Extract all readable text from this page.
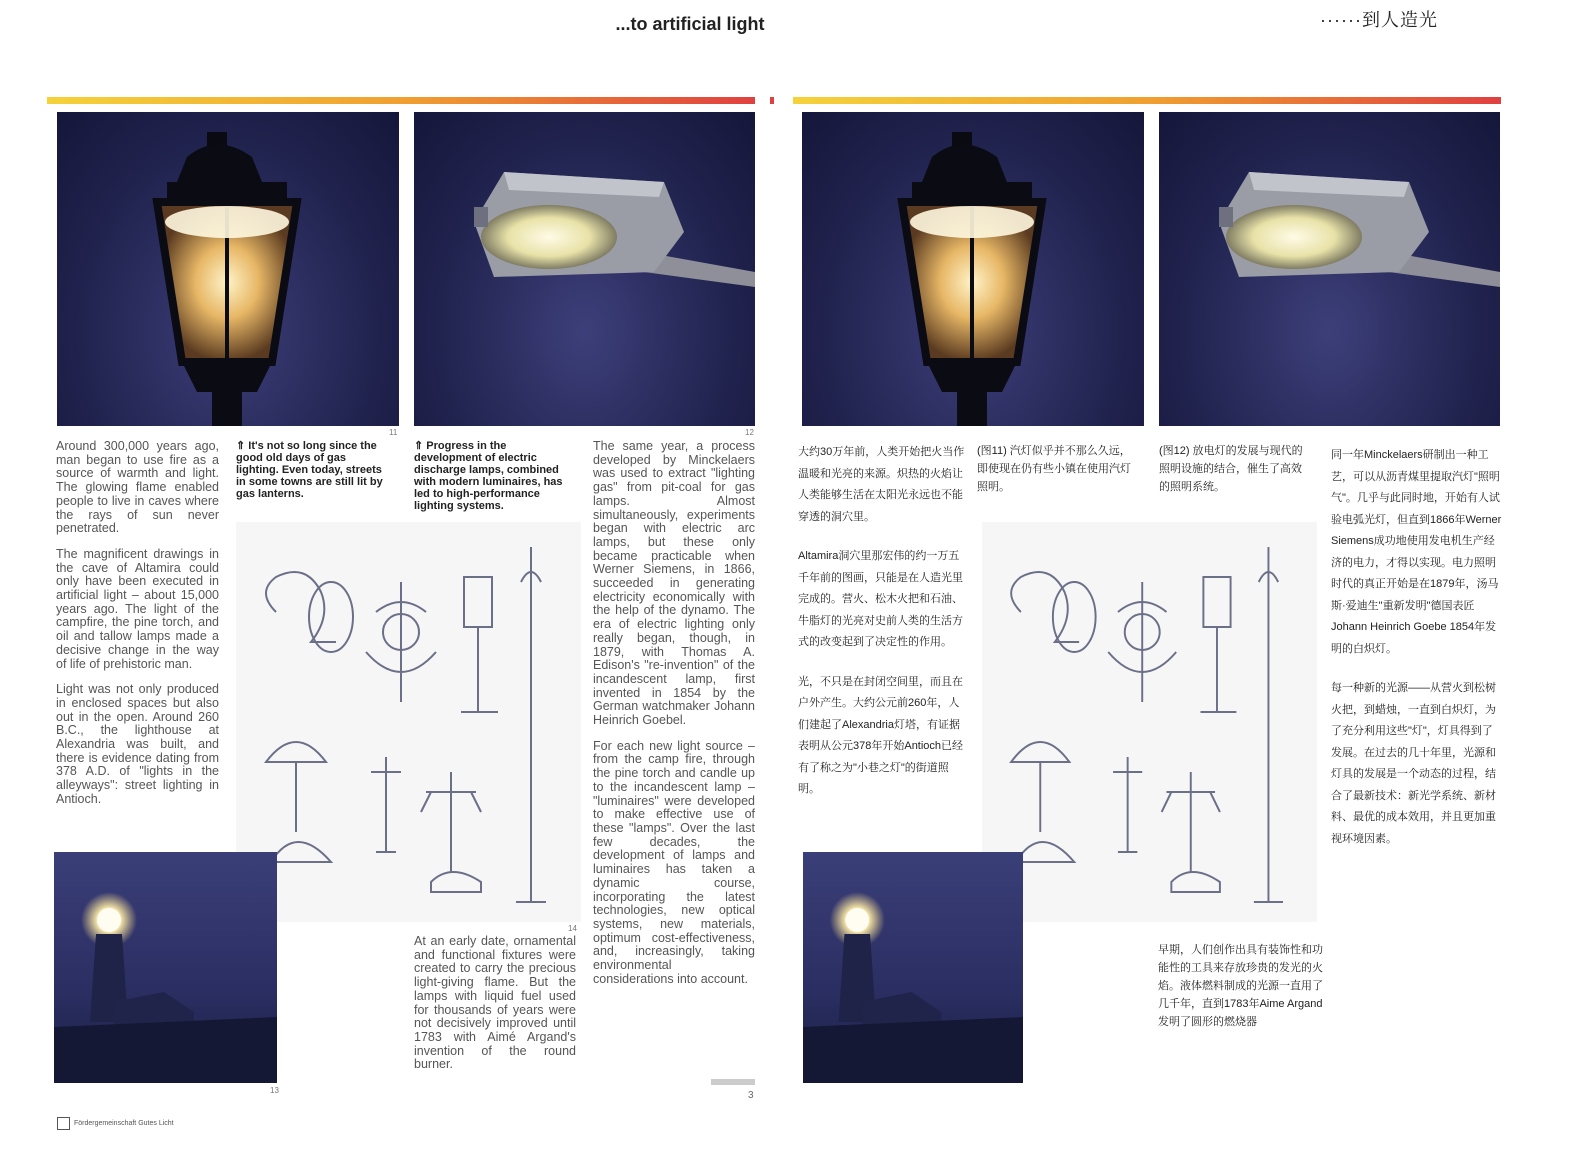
...to artificial light	······到人造光
11	12

Around 300,000 years ago, man began to use fire as a source of warmth and light. The glowing flame enabled people to live in caves where the rays of sun never penetrated.

The magnificent drawings in the cave of Altamira could only have been executed in artificial light – about 15,000 years ago. The light of the campfire, the pine torch, and oil and tallow lamps made a decisive change in the way of life of prehistoric man.

Light was not only produced in enclosed spaces but also out in the open. Around 260 B.C., the lighthouse at Alexandria was built, and there is evidence dating from 378 A.D. of "lights in the alleyways": street lighting in Antioch.

⇑ It's not so long since the good old days of gas lighting. Even today, streets in some towns are still lit by gas lanterns.
⇑ Progress in the development of electric discharge lamps, combined with modern luminaires, has led to high-performance lighting systems.

The same year, a process developed by Minckelaers was used to extract "lighting gas" from pit-coal for gas lamps. Almost simultaneously, experiments began with electric arc lamps, but these only became practicable when Werner Siemens, in 1866, succeeded in generating electricity economically with the help of the dynamo. The era of electric lighting only really began, though, in 1879, with Thomas A. Edison's "re-invention" of the incandescent lamp, first invented in 1854 by the German watchmaker Johann Heinrich Goebel.

For each new light source – from the camp fire, through the pine torch and candle up to the incandescent lamp – "luminaires" were developed to make effective use of these "lamps". Over the last few decades, the development of lamps and luminaires has taken a dynamic course, incorporating the latest technologies, new optical systems, new materials, optimum cost-effectiveness, and, increasingly, taking environmental considerations into account.

14
13
At an early date, ornamental and functional fixtures were created to carry the precious light-giving flame. But the lamps with liquid fuel used for thousands of years were not decisively improved until 1783 with Aimé Argand's invention of the round burner.
3
Fördergemeinschaft Gutes Licht

大约30万年前，人类开始把火当作温暖和光亮的来源。炽热的火焰让人类能够生活在太阳光永远也不能穿透的洞穴里。

Altamira洞穴里那宏伟的约一万五千年前的图画，只能是在人造光里完成的。营火、松木火把和石油、牛脂灯的光亮对史前人类的生活方式的改变起到了决定性的作用。

光，不只是在封闭空间里，而且在户外产生。大约公元前260年，人们建起了Alexandria灯塔，有证据表明从公元378年开始Antioch已经有了称之为"小巷之灯"的街道照明。

(图11) 汽灯似乎并不那么久远，即使现在仍有些小镇在使用汽灯照明。
(图12) 放电灯的发展与现代的照明设施的结合，催生了高效的照明系统。

同一年Minckelaers研制出一种工艺，可以从沥青煤里提取汽灯"照明气"。几乎与此同时地，开始有人试验电弧光灯，但直到1866年Werner Siemens成功地使用发电机生产经济的电力，才得以实现。电力照明时代的真正开始是在1879年，汤马斯·爱迪生"重新发明"德国表匠Johann Heinrich Goebe 1854年发明的白炽灯。

每一种新的光源——从营火到松树火把，到蜡烛，一直到白炽灯，为了充分利用这些"灯"，灯具得到了发展。在过去的几十年里，光源和灯具的发展是一个动态的过程，结合了最新技术：新光学系统、新材料、最优的成本效用，并且更加重视环境因素。

早期，人们创作出具有装饰性和功能性的工具来存放珍贵的发光的火焰。液体燃料制成的光源一直用了几千年，直到1783年Aime Argand 发明了圆形的燃烧器
